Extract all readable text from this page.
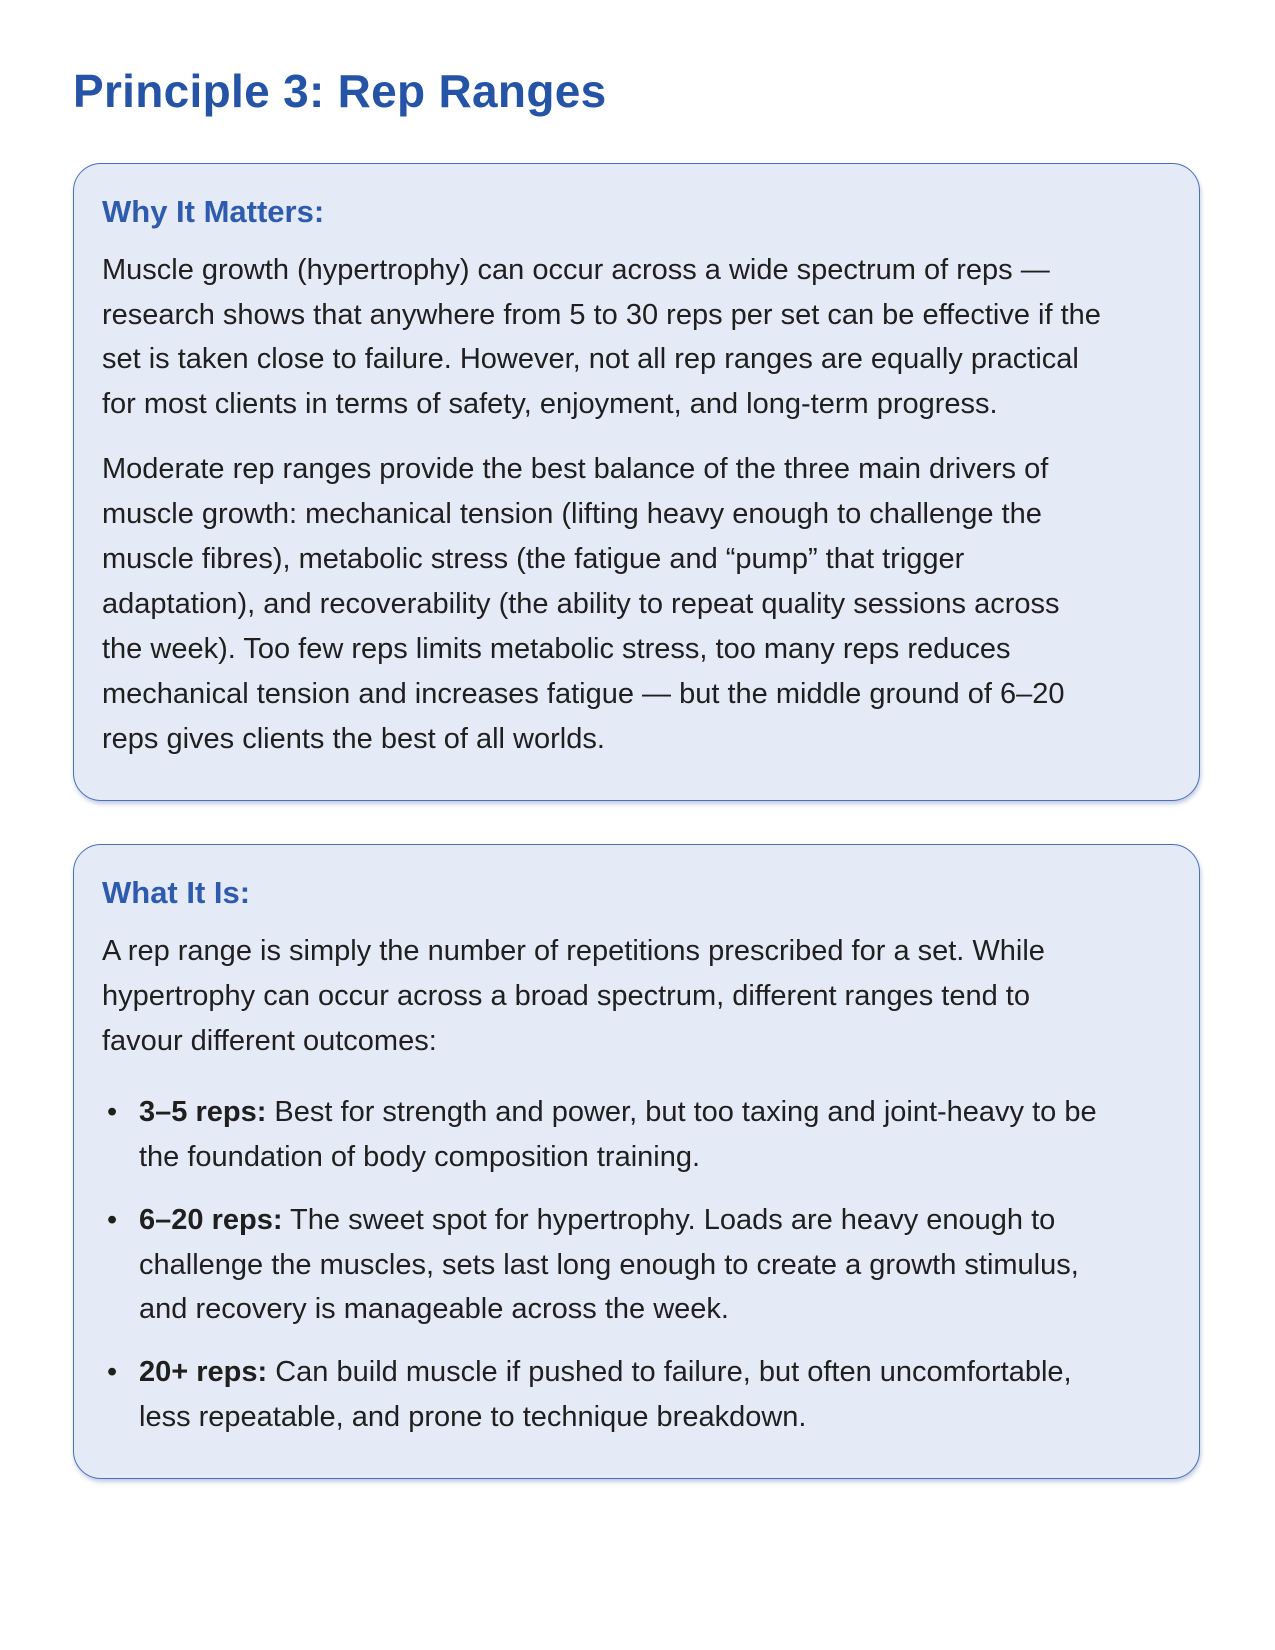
Principle 3: Rep Ranges
Why It Matters:

Muscle growth (hypertrophy) can occur across a wide spectrum of reps — research shows that anywhere from 5 to 30 reps per set can be effective if the set is taken close to failure. However, not all rep ranges are equally practical for most clients in terms of safety, enjoyment, and long-term progress.

Moderate rep ranges provide the best balance of the three main drivers of muscle growth: mechanical tension (lifting heavy enough to challenge the muscle fibres), metabolic stress (the fatigue and “pump” that trigger adaptation), and recoverability (the ability to repeat quality sessions across the week). Too few reps limits metabolic stress, too many reps reduces mechanical tension and increases fatigue — but the middle ground of 6–20 reps gives clients the best of all worlds.

What It Is:

A rep range is simply the number of repetitions prescribed for a set. While hypertrophy can occur across a broad spectrum, different ranges tend to favour different outcomes:

• 3–5 reps: Best for strength and power, but too taxing and joint-heavy to be the foundation of body composition training.
• 6–20 reps: The sweet spot for hypertrophy. Loads are heavy enough to challenge the muscles, sets last long enough to create a growth stimulus, and recovery is manageable across the week.
• 20+ reps: Can build muscle if pushed to failure, but often uncomfortable, less repeatable, and prone to technique breakdown.
